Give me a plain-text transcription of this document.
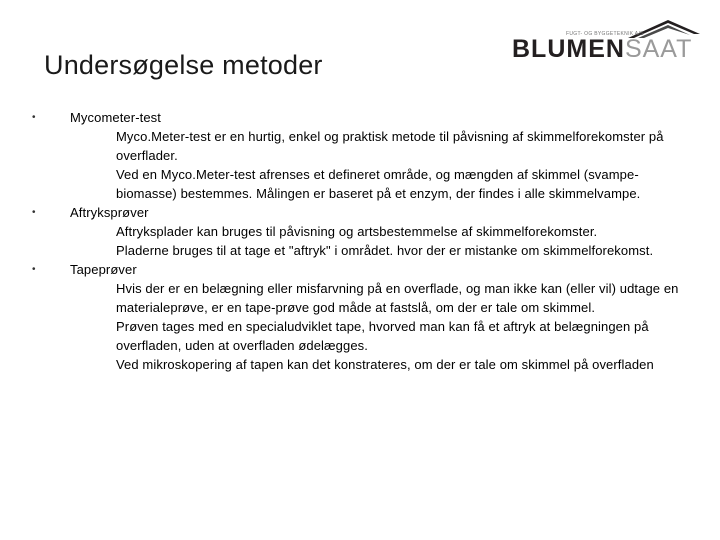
Undersøgelse metoder
FUGT- OG BYGGETEKNIK A/S
BLUMENSAAT
•	Mycometer-test
Myco.Meter-test er en hurtig, enkel og praktisk metode til påvisning af skimmelforekomster på overflader.
Ved en Myco.Meter-test afrenses et defineret område, og mængden af skimmel (svampe- biomasse) bestemmes. Målingen er baseret på et enzym, der findes i alle skimmelvampe.
•	Aftryksprøver
Aftryksplader kan bruges til påvisning og artsbestemmelse af skimmelforekomster.
Pladerne bruges til at tage et "aftryk" i området. hvor der er mistanke om skimmelforekomst.
•	Tapeprøver
Hvis der er en belægning eller misfarvning på en overflade, og man ikke kan (eller vil) udtage en materialeprøve, er en tape-prøve god måde at fastslå, om der er tale om skimmel.
Prøven tages med en specialudviklet tape, hvorved man kan få et aftryk at belægningen på overfladen, uden at overfladen ødelægges.
Ved mikroskopering af tapen kan det konstrateres, om der er tale om skimmel på overfladen
